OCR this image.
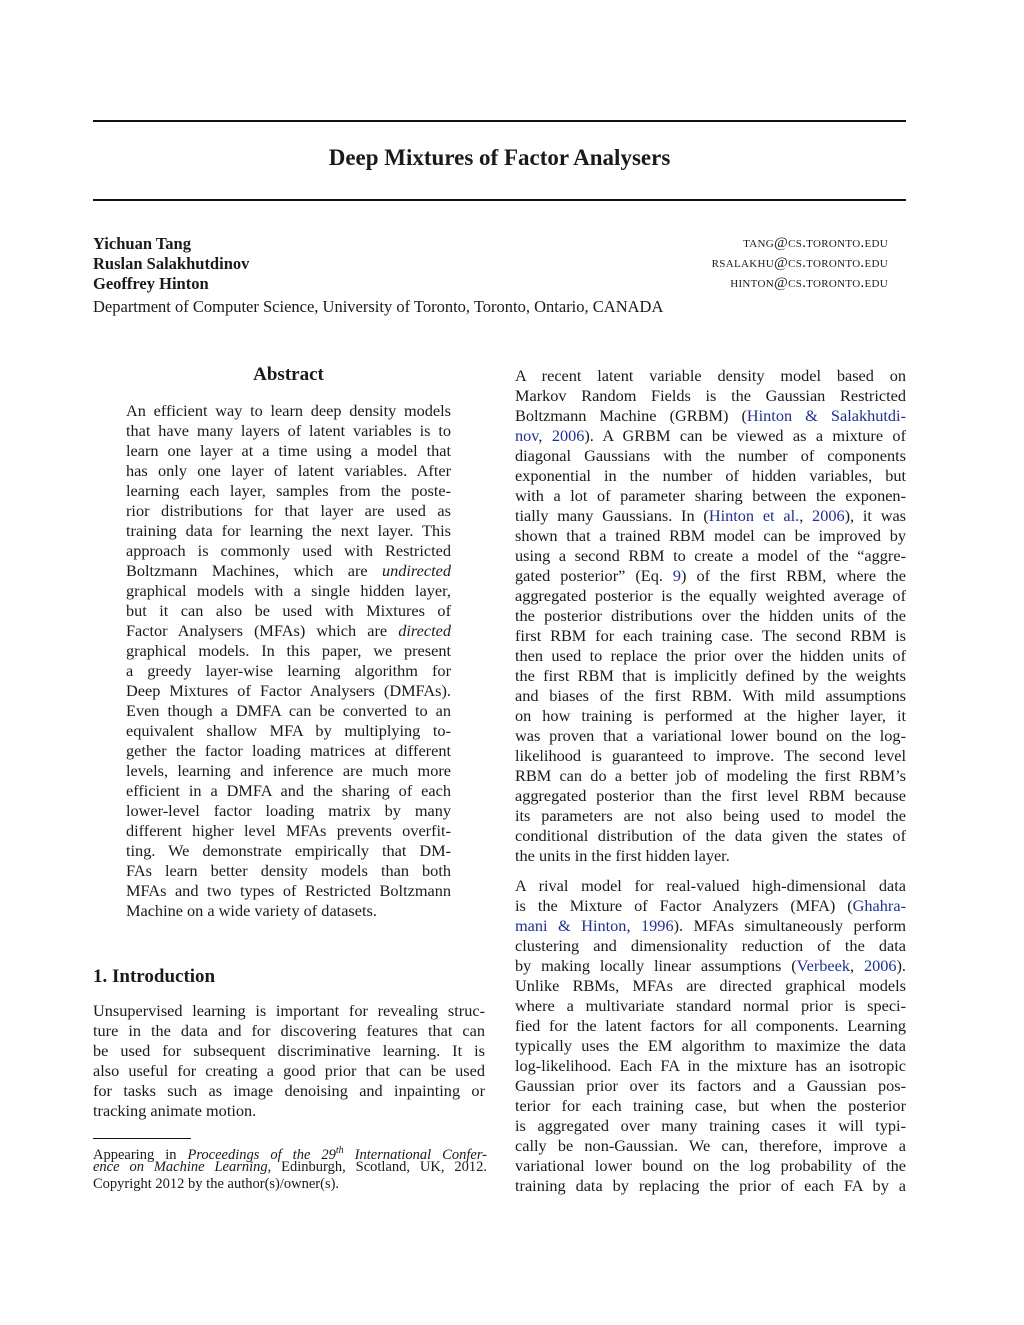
Deep Mixtures of Factor Analysers
Yichuan Tang	tang@cs.toronto.edu
Ruslan Salakhutdinov	rsalakhu@cs.toronto.edu
Geoffrey Hinton	hinton@cs.toronto.edu
Department of Computer Science, University of Toronto, Toronto, Ontario, CANADA
Abstract
An efficient way to learn deep density models
that have many layers of latent variables is to
learn one layer at a time using a model that
has only one layer of latent variables. After
learning each layer, samples from the poste-
rior distributions for that layer are used as
training data for learning the next layer. This
approach is commonly used with Restricted
Boltzmann Machines, which are undirected
graphical models with a single hidden layer,
but it can also be used with Mixtures of
Factor Analysers (MFAs) which are directed
graphical models. In this paper, we present
a greedy layer-wise learning algorithm for
Deep Mixtures of Factor Analysers (DMFAs).
Even though a DMFA can be converted to an
equivalent shallow MFA by multiplying to-
gether the factor loading matrices at different
levels, learning and inference are much more
efficient in a DMFA and the sharing of each
lower-level factor loading matrix by many
different higher level MFAs prevents overfit-
ting. We demonstrate empirically that DM-
FAs learn better density models than both
MFAs and two types of Restricted Boltzmann
Machine on a wide variety of datasets.
1. Introduction
Unsupervised learning is important for revealing struc-
ture in the data and for discovering features that can
be used for subsequent discriminative learning. It is
also useful for creating a good prior that can be used
for tasks such as image denoising and inpainting or
tracking animate motion.
Appearing in Proceedings of the 29th International Confer-
ence on Machine Learning, Edinburgh, Scotland, UK, 2012.
Copyright 2012 by the author(s)/owner(s).
A recent latent variable density model based on
Markov Random Fields is the Gaussian Restricted
Boltzmann Machine (GRBM) (Hinton & Salakhutdi-
nov, 2006). A GRBM can be viewed as a mixture of
diagonal Gaussians with the number of components
exponential in the number of hidden variables, but
with a lot of parameter sharing between the exponen-
tially many Gaussians. In (Hinton et al., 2006), it was
shown that a trained RBM model can be improved by
using a second RBM to create a model of the “aggre-
gated posterior” (Eq. 9) of the first RBM, where the
aggregated posterior is the equally weighted average of
the posterior distributions over the hidden units of the
first RBM for each training case. The second RBM is
then used to replace the prior over the hidden units of
the first RBM that is implicitly defined by the weights
and biases of the first RBM. With mild assumptions
on how training is performed at the higher layer, it
was proven that a variational lower bound on the log-
likelihood is guaranteed to improve. The second level
RBM can do a better job of modeling the first RBM’s
aggregated posterior than the first level RBM because
its parameters are not also being used to model the
conditional distribution of the data given the states of
the units in the first hidden layer.
A rival model for real-valued high-dimensional data
is the Mixture of Factor Analyzers (MFA) (Ghahra-
mani & Hinton, 1996). MFAs simultaneously perform
clustering and dimensionality reduction of the data
by making locally linear assumptions (Verbeek, 2006).
Unlike RBMs, MFAs are directed graphical models
where a multivariate standard normal prior is speci-
fied for the latent factors for all components. Learning
typically uses the EM algorithm to maximize the data
log-likelihood. Each FA in the mixture has an isotropic
Gaussian prior over its factors and a Gaussian pos-
terior for each training case, but when the posterior
is aggregated over many training cases it will typi-
cally be non-Gaussian. We can, therefore, improve a
variational lower bound on the log probability of the
training data by replacing the prior of each FA by a
